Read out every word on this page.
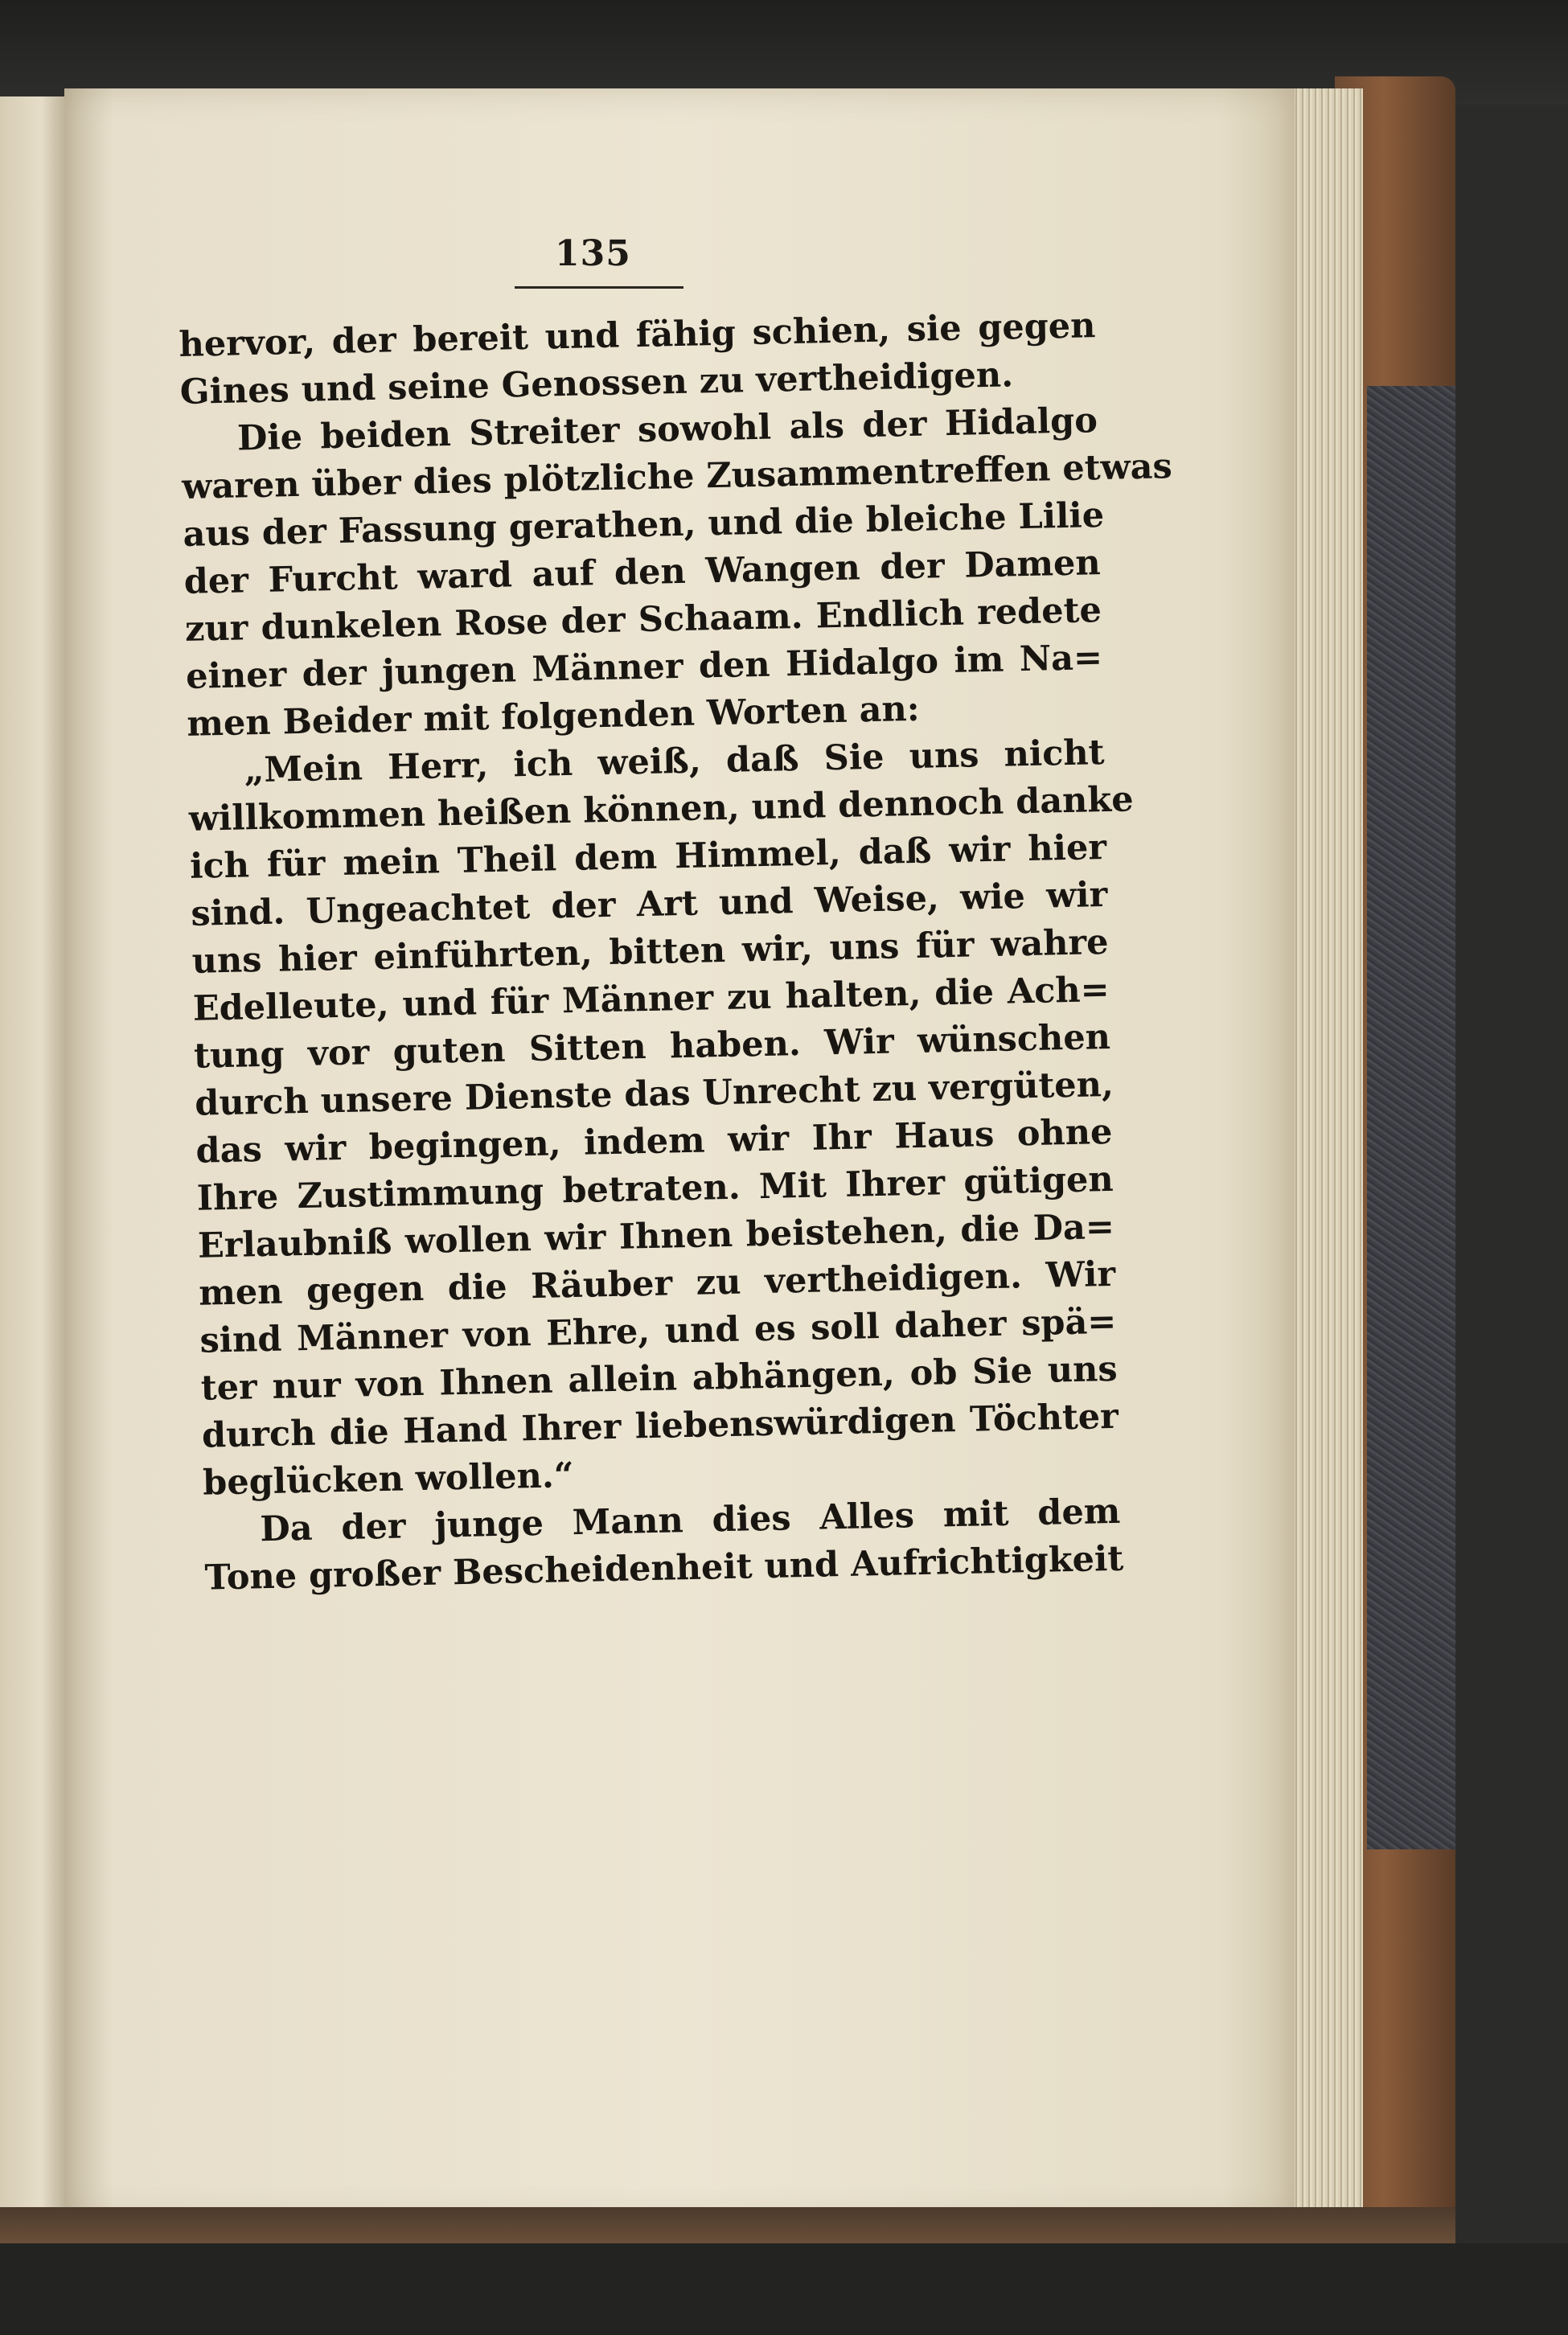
135
hervor, der bereit und fähig schien, sie gegen
Gines und seine Genossen zu vertheidigen.
Die beiden Streiter sowohl als der Hidalgo
waren über dies plötzliche Zusammentreffen etwas
aus der Fassung gerathen, und die bleiche Lilie
der Furcht ward auf den Wangen der Damen
zur dunkelen Rose der Schaam. Endlich redete
einer der jungen Männer den Hidalgo im Na=
men Beider mit folgenden Worten an:
„Mein Herr, ich weiß, daß Sie uns nicht
willkommen heißen können, und dennoch danke
ich für mein Theil dem Himmel, daß wir hier
sind. Ungeachtet der Art und Weise, wie wir
uns hier einführten, bitten wir, uns für wahre
Edelleute, und für Männer zu halten, die Ach=
tung vor guten Sitten haben. Wir wünschen
durch unsere Dienste das Unrecht zu vergüten,
das wir begingen, indem wir Ihr Haus ohne
Ihre Zustimmung betraten. Mit Ihrer gütigen
Erlaubniß wollen wir Ihnen beistehen, die Da=
men gegen die Räuber zu vertheidigen. Wir
sind Männer von Ehre, und es soll daher spä=
ter nur von Ihnen allein abhängen, ob Sie uns
durch die Hand Ihrer liebenswürdigen Töchter
beglücken wollen.“
Da der junge Mann dies Alles mit dem
Tone großer Bescheidenheit und Aufrichtigkeit
